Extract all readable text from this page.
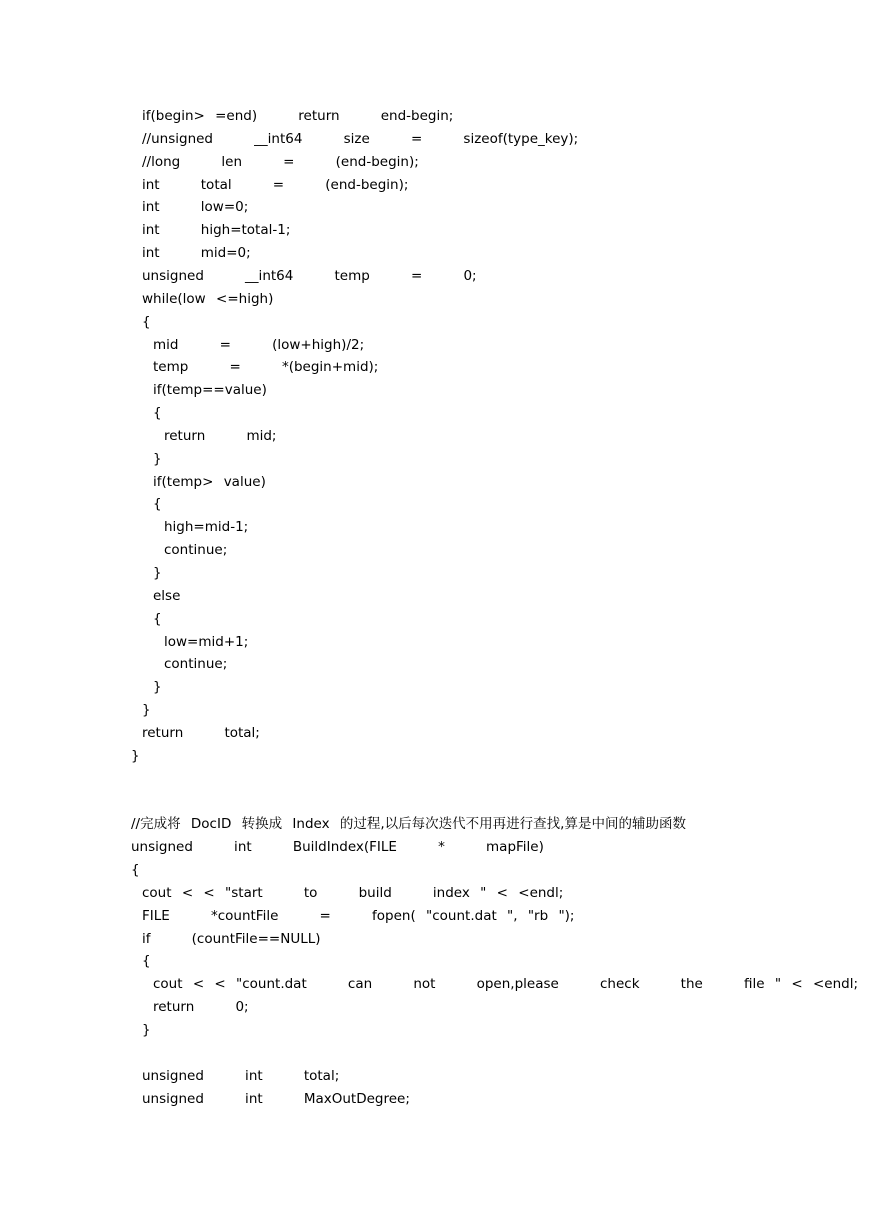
if(begin> =end)    return    end-begin;
//unsigned    __int64    size    =    sizeof(type_key);
//long    len    =    (end-begin);
int    total    =    (end-begin);
int    low=0;
int    high=total-1;
int    mid=0;
unsigned    __int64    temp    =    0;
while(low <=high)
{
mid    =    (low+high)/2;
temp    =    *(begin+mid);
if(temp==value)
{
return    mid;
}
if(temp> value)
{
high=mid-1;
continue;
}
else
{
low=mid+1;
continue;
}
}
return    total;
}
//完成将 DocID 转换成 Index 的过程,以后每次迭代不用再进行查找,算是中间的辅助函数
unsigned    int    BuildIndex(FILE    *    mapFile)
{
cout < < "start    to    build    index " < <endl;
FILE    *countFile    =    fopen( "count.dat ", "rb ");
if    (countFile==NULL)
{
cout < < "count.dat    can    not    open,please    check    the    file " < <endl;
return    0;
}
unsigned    int    total;
unsigned    int    MaxOutDegree;
